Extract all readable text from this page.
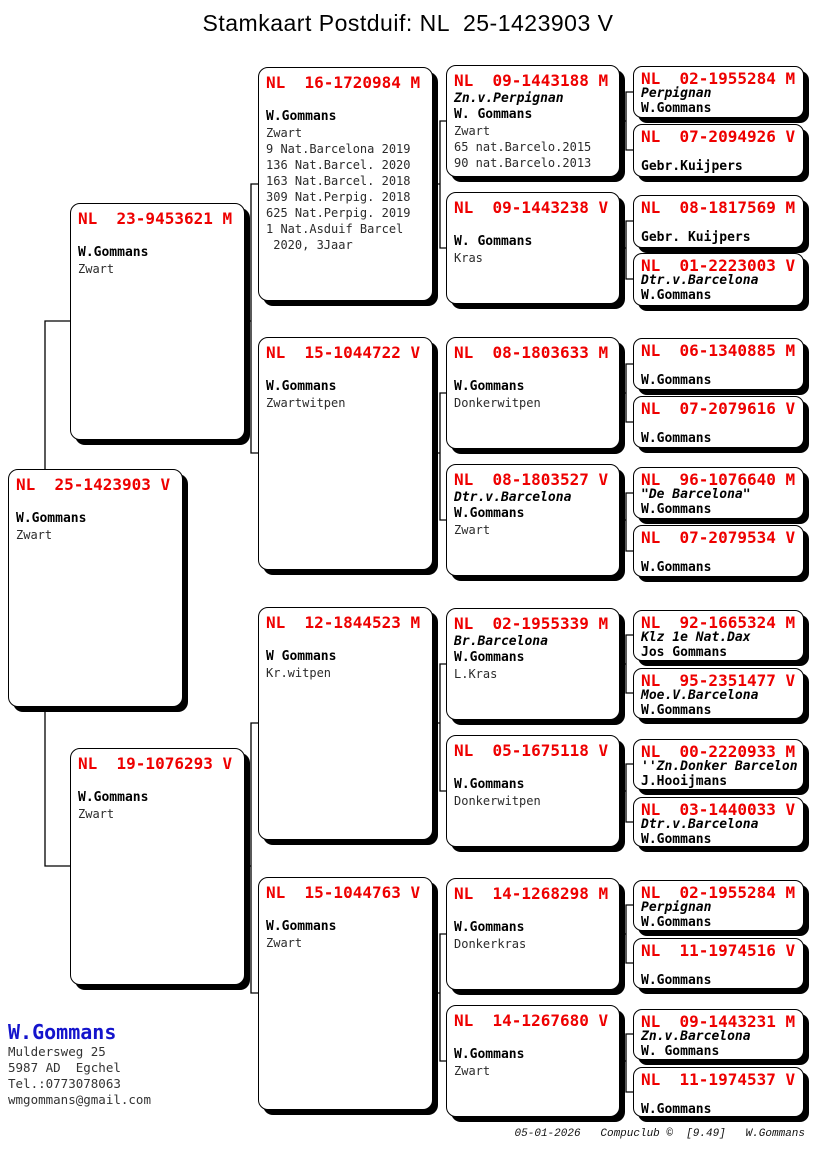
Stamkaart Postduif: NL  25-1423903 V
NL  25-1423903 V
W.Gommans
Zwart
NL  23-9453621 M
W.Gommans
Zwart
NL  19-1076293 V
W.Gommans
Zwart
NL  16-1720984 M
W.Gommans
Zwart
9 Nat.Barcelona 2019
136 Nat.Barcel. 2020
163 Nat.Barcel. 2018
309 Nat.Perpig. 2018
625 Nat.Perpig. 2019
1 Nat.Asduif Barcel
2020, 3Jaar
NL  15-1044722 V
W.Gommans
Zwartwitpen
NL  12-1844523 M
W Gommans
Kr.witpen
NL  15-1044763 V
W.Gommans
Zwart
NL  09-1443188 M
Zn.v.Perpignan
W. Gommans
Zwart
65 nat.Barcelo.2015
90 nat.Barcelo.2013
NL  09-1443238 V
W. Gommans
Kras
NL  08-1803633 M
W.Gommans
Donkerwitpen
NL  08-1803527 V
Dtr.v.Barcelona
W.Gommans
Zwart
NL  02-1955339 M
Br.Barcelona
W.Gommans
L.Kras
NL  05-1675118 V
W.Gommans
Donkerwitpen
NL  14-1268298 M
W.Gommans
Donkerkras
NL  14-1267680 V
W.Gommans
Zwart
NL  02-1955284 M
Perpignan
W.Gommans
NL  07-2094926 V
Gebr.Kuijpers
NL  08-1817569 M
Gebr. Kuijpers
NL  01-2223003 V
Dtr.v.Barcelona
W.Gommans
NL  06-1340885 M
W.Gommans
NL  07-2079616 V
W.Gommans
NL  96-1076640 M
"De Barcelona"
W.Gommans
NL  07-2079534 V
W.Gommans
NL  92-1665324 M
Klz 1e Nat.Dax
Jos Gommans
NL  95-2351477 V
Moe.V.Barcelona
W.Gommans
NL  00-2220933 M
''Zn.Donker Barcelon
J.Hooijmans
NL  03-1440033 V
Dtr.v.Barcelona
W.Gommans
NL  02-1955284 M
Perpignan
W.Gommans
NL  11-1974516 V
W.Gommans
NL  09-1443231 M
Zn.v.Barcelona
W. Gommans
NL  11-1974537 V
W.Gommans
W.Gommans
Muldersweg 25
5987 AD  Egchel
Tel.:0773078063
wmgommans@gmail.com
05-01-2026   Compuclub ©  [9.49]   W.Gommans
